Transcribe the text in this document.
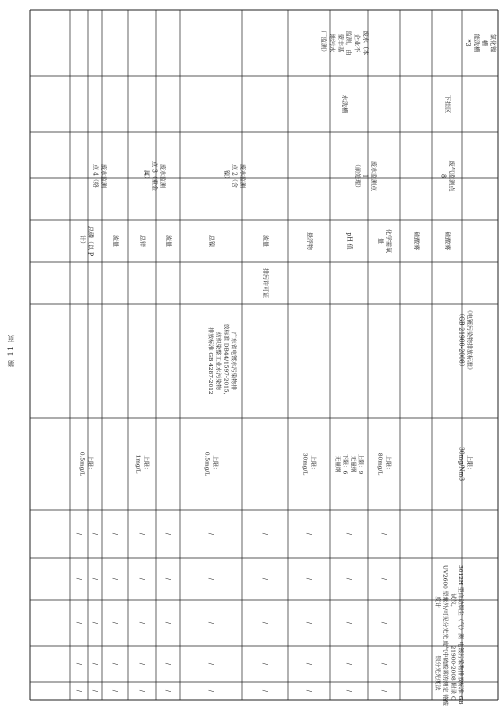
氯化镍
槽
能洗槽
*3
下挂区
废气监测点
8
硫酸雾
硫酸雾
《电镀污染物排放标准》
（GB 21900-2008）
上限：
30mg/Nm3
3012H 型自动烟尘（气）测
试仪，
UV2600 型紫外/可见分光光
度计
电镀污染物排放标准 GB
21900-2008 附录 C
废气中硫酸雾的测定 铬酸
钡分光光度法
废水（本
企业不
监测，由
蒙丰基
地污水
厂监测）
水洗槽
废水监测点
1
（前处理）
化学需氧
量
pH 值
悬浮物
上限：
80mg/L
上限：9
无量纲
下限：6
无量纲
上限：
30mg/L
废水监测
点 2（含
镍）
流量
总镍
排污许可证
广东省电镀水污染物排
放标准 DB44/1597-2015，
纺织染整工业水污染物
排放标准 GB 4287-2012
上限：
0.5mg/L
废水监测
点 3（重金
属）
流量
总锌
上限：
1mg/L
废水监测
点 4（络
流量
总磷（以 P
计）
上限：
0.5mg/L
/
/
/
/
/
/
/
/
/
/
/
/
/
/
/
/
/
/
/
/
/
/
/
/
/
/
/
/
/
/
/
/
/
/
/
/
/
/
/
/
/
/
/
/
/
/
/
/
/
/
第 11 页
